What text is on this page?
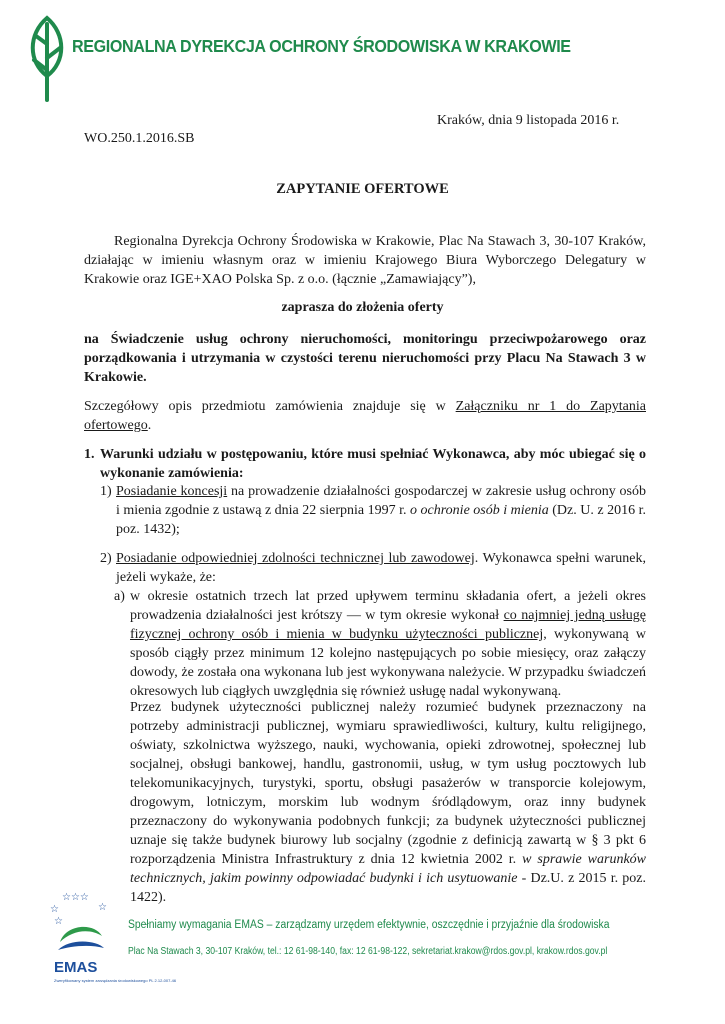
REGIONALNA DYREKCJA OCHRONY ŚRODOWISKA W KRAKOWIE
Kraków, dnia 9 listopada 2016 r.
WO.250.1.2016.SB
ZAPYTANIE OFERTOWE
Regionalna Dyrekcja Ochrony Środowiska w Krakowie, Plac Na Stawach 3, 30-107 Kraków, działając w imieniu własnym oraz w imieniu Krajowego Biura Wyborczego Delegatury w Krakowie oraz IGE+XAO Polska Sp. z o.o. (łącznie „Zamawiający”),
zaprasza do złożenia oferty
na Świadczenie usług ochrony nieruchomości, monitoringu przeciwpożarowego oraz porządkowania i utrzymania w czystości terenu nieruchomości przy Placu Na Stawach 3 w Krakowie.
Szczegółowy opis przedmiotu zamówienia znajduje się w Załączniku nr 1 do Zapytania ofertowego.
1. Warunki udziału w postępowaniu, które musi spełniać Wykonawca, aby móc ubiegać się o wykonanie zamówienia:
1) Posiadanie koncesji na prowadzenie działalności gospodarczej w zakresie usług ochrony osób i mienia zgodnie z ustawą z dnia 22 sierpnia 1997 r. o ochronie osób i mienia (Dz. U. z 2016 r. poz. 1432);
2) Posiadanie odpowiedniej zdolności technicznej lub zawodowej. Wykonawca spełni warunek, jeżeli wykaże, że:
a) w okresie ostatnich trzech lat przed upływem terminu składania ofert, a jeżeli okres prowadzenia działalności jest krótszy — w tym okresie wykonał co najmniej jedną usługę fizycznej ochrony osób i mienia w budynku użyteczności publicznej, wykonywaną w sposób ciągły przez minimum 12 kolejno następujących po sobie miesięcy, oraz załączy dowody, że została ona wykonana lub jest wykonywana należycie. W przypadku świadczeń okresowych lub ciągłych uwzględnia się również usługę nadal wykonywaną.
Przez budynek użyteczności publicznej należy rozumieć budynek przeznaczony na potrzeby administracji publicznej, wymiaru sprawiedliwości, kultury, kultu religijnego, oświaty, szkolnictwa wyższego, nauki, wychowania, opieki zdrowotnej, społecznej lub socjalnej, obsługi bankowej, handlu, gastronomii, usług, w tym usług pocztowych lub telekomunikacyjnych, turystyki, sportu, obsługi pasażerów w transporcie kolejowym, drogowym, lotniczym, morskim lub wodnym śródlądowym, oraz inny budynek przeznaczony do wykonywania podobnych funkcji; za budynek użyteczności publicznej uznaje się także budynek biurowy lub socjalny (zgodnie z definicją zawartą w § 3 pkt 6 rozporządzenia Ministra Infrastruktury z dnia 12 kwietnia 2002 r. w sprawie warunków technicznych, jakim powinny odpowiadać budynki i ich usytuowanie - Dz.U. z 2015 r. poz. 1422).
☆☆☆
☆	☆
☆
EMAS
Zweryfikowany system zarządzania środowiskowego PL 2.12-007-46
Spełniamy wymagania EMAS – zarządzamy urzędem efektywnie, oszczędnie i przyjaźnie dla środowiska
Plac Na Stawach 3, 30-107 Kraków, tel.: 12 61-98-140, fax: 12 61-98-122, sekretariat.krakow@rdos.gov.pl, krakow.rdos.gov.pl
